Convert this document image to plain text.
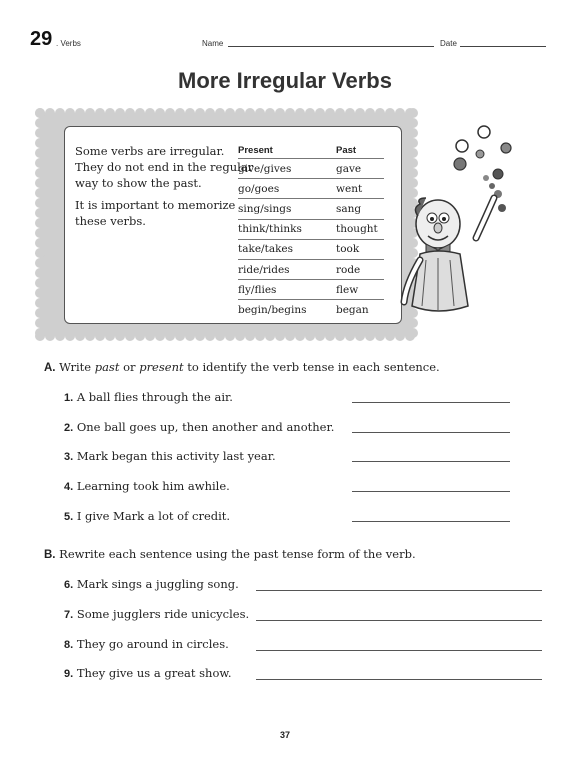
29 . Verbs	Name	Date
More Irregular Verbs

Some verbs are irregular. They do not end in the regular way to show the past.

It is important to memorize these verbs.

Present	Past
give/gives	gave
go/goes	went
sing/sings	sang
think/thinks	thought
take/takes	took
ride/rides	rode
fly/flies	flew
begin/begins	began
A. Write past or present to identify the verb tense in each sentence.
1. A ball flies through the air.
2. One ball goes up, then another and another.
3. Mark began this activity last year.
4. Learning took him awhile.
5. I give Mark a lot of credit.
B. Rewrite each sentence using the past tense form of the verb.
6. Mark sings a juggling song.
7. Some jugglers ride unicycles.
8. They go around in circles.
9. They give us a great show.
37
